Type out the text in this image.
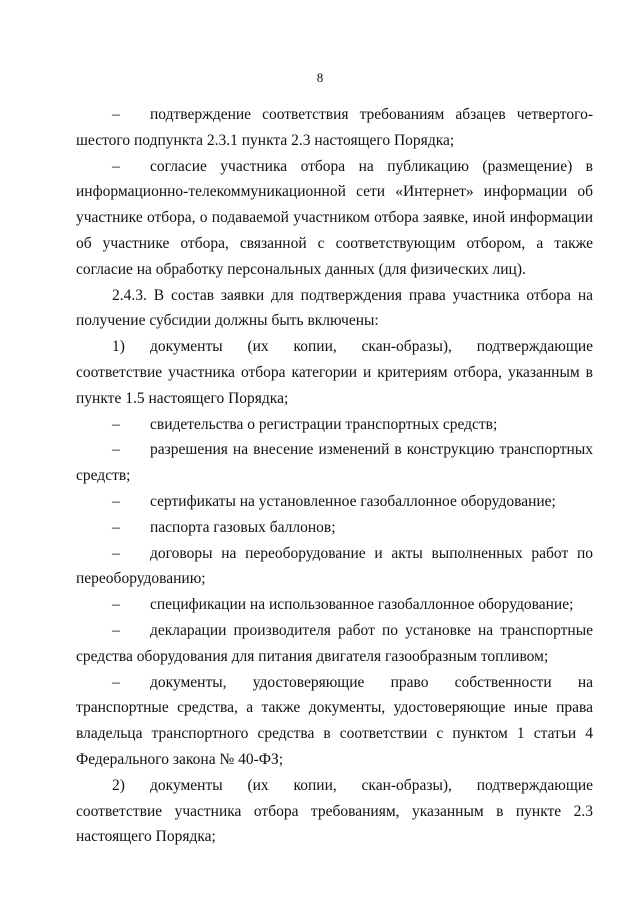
8

– подтверждение соответствия требованиям абзацев четвертого-шестого подпункта 2.3.1 пункта 2.3 настоящего Порядка;

– согласие участника отбора на публикацию (размещение) в информационно-телекоммуникационной сети «Интернет» информации об участнике отбора, о подаваемой участником отбора заявке, иной информации об участнике отбора, связанной с соответствующим отбором, а также согласие на обработку персональных данных (для физических лиц).

2.4.3. В состав заявки для подтверждения права участника отбора на получение субсидии должны быть включены:

1) документы (их копии, скан-образы), подтверждающие соответствие участника отбора категории и критериям отбора, указанным в пункте 1.5 настоящего Порядка;

– свидетельства о регистрации транспортных средств;

– разрешения на внесение изменений в конструкцию транспортных средств;

– сертификаты на установленное газобаллонное оборудование;

– паспорта газовых баллонов;

– договоры на переоборудование и акты выполненных работ по переоборудованию;

– спецификации на использованное газобаллонное оборудование;

– декларации производителя работ по установке на транспортные средства оборудования для питания двигателя газообразным топливом;

– документы, удостоверяющие право собственности на транспортные средства, а также документы, удостоверяющие иные права владельца транспортного средства в соответствии с пунктом 1 статьи 4 Федерального закона № 40-ФЗ;

2) документы (их копии, скан-образы), подтверждающие соответствие участника отбора требованиям, указанным в пункте 2.3 настоящего Порядка;
